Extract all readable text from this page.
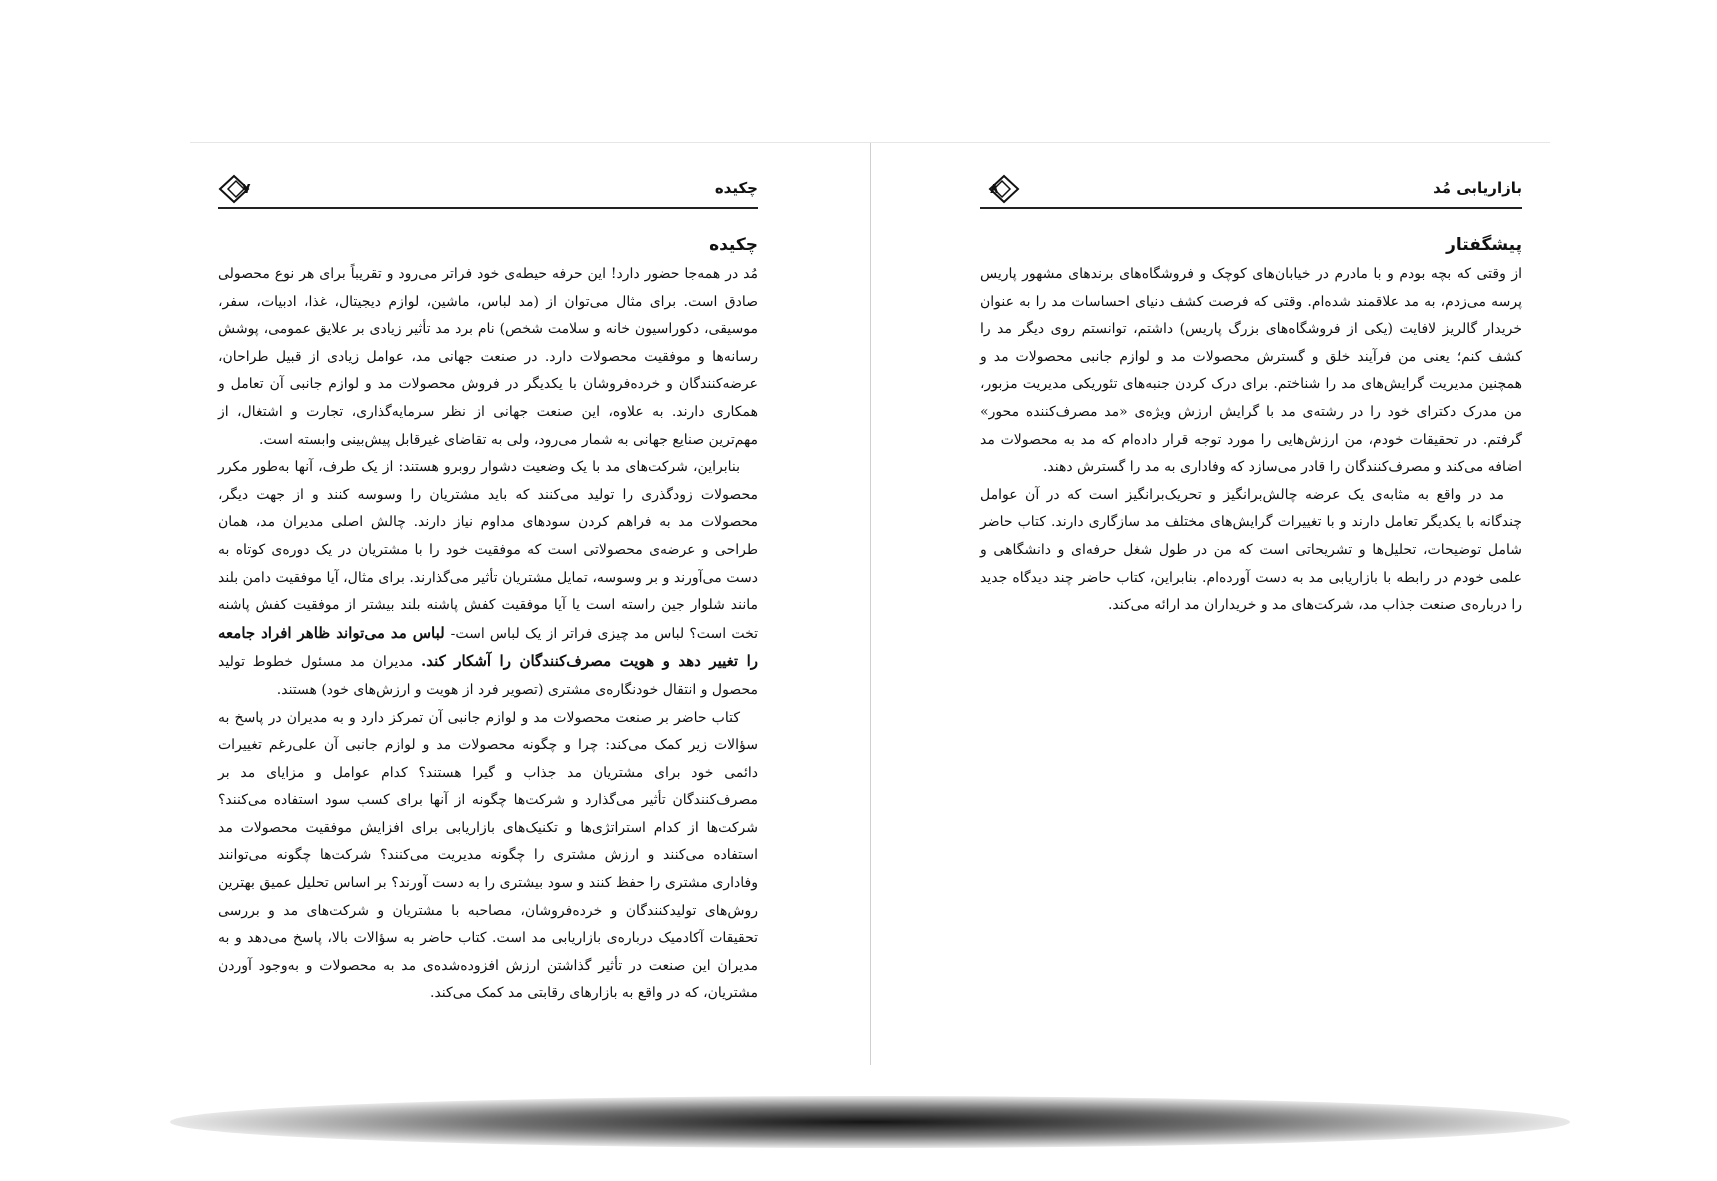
۷	چکیده
چکیده

مُد در همه‌جا حضور دارد! این حرفه حیطه‌ی خود فراتر می‌رود و تقریباً برای هر نوع محصولی صادق است. برای مثال می‌توان از (مد لباس، ماشین، لوازم دیجیتال، غذا، ادبیات، سفر، موسیقی، دکوراسیون خانه و سلامت شخص) نام برد مد تأثیر زیادی بر علایق عمومی، پوشش رسانه‌ها و موفقیت محصولات دارد. در صنعت جهانی مد، عوامل زیادی از قبیل طراحان، عرضه‌کنندگان و خرده‌فروشان با یکدیگر در فروش محصولات مد و لوازم جانبی آن تعامل و همکاری دارند. به علاوه، این صنعت جهانی از نظر سرمایه‌گذاری، تجارت و اشتغال، از مهم‌ترین صنایع جهانی به شمار می‌رود، ولی به تقاضای غیرقابل پیش‌بینی وابسته است.

بنابراین، شرکت‌های مد با یک وضعیت دشوار روبرو هستند: از یک طرف، آنها به‌طور مکرر محصولات زودگذری را تولید می‌کنند که باید مشتریان را وسوسه کنند و از جهت دیگر، محصولات مد به فراهم کردن سودهای مداوم نیاز دارند. چالش اصلی مدیران مد، همان طراحی و عرضه‌ی محصولاتی است که موفقیت خود را با مشتریان در یک دوره‌ی کوتاه به دست می‌آورند و بر وسوسه، تمایل مشتریان تأثیر می‌گذارند. برای مثال، آیا موفقیت دامن بلند مانند شلوار جین راسته است یا آیا موفقیت کفش پاشنه بلند بیشتر از موفقیت کفش پاشنه تخت است؟ لباس مد چیزی فراتر از یک لباس است- لباس مد می‌تواند ظاهر افراد جامعه را تغییر دهد و هویت مصرف‌کنندگان را آشکار کند. مدیران مد مسئول خطوط تولید محصول و انتقال خودنگاره‌ی مشتری (تصویر فرد از هویت و ارزش‌های خود) هستند.

کتاب حاضر بر صنعت محصولات مد و لوازم جانبی آن تمرکز دارد و به مدیران در پاسخ به سؤالات زیر کمک می‌کند: چرا و چگونه محصولات مد و لوازم جانبی آن علی‌رغم تغییرات دائمی خود برای مشتریان مد جذاب و گیرا هستند؟ کدام عوامل و مزایای مد بر مصرف‌کنندگان تأثیر می‌گذارد و شرکت‌ها چگونه از آنها برای کسب سود استفاده می‌کنند؟ شرکت‌ها از کدام استراتژی‌ها و تکنیک‌های بازاریابی برای افزایش موفقیت محصولات مد استفاده می‌کنند و ارزش مشتری را چگونه مدیریت می‌کنند؟ شرکت‌ها چگونه می‌توانند وفاداری مشتری را حفظ کنند و سود بیشتری را به دست آورند؟ بر اساس تحلیل عمیق بهترین روش‌های تولیدکنندگان و خرده‌فروشان، مصاحبه با مشتریان و شرکت‌های مد و بررسی تحقیقات آکادمیک درباره‌ی بازاریابی مد است. کتاب حاضر به سؤالات بالا، پاسخ می‌دهد و به مدیران این صنعت در تأثیر گذاشتن ارزش افزوده‌شده‌ی مد به محصولات و به‌وجود آوردن مشتریان، که در واقع به بازارهای رقابتی مد کمک می‌کند.

۸	بازاریابی مُد
پیشگفتار

از وقتی که بچه بودم و با مادرم در خیابان‌های کوچک و فروشگاه‌های برندهای مشهور پاریس پرسه می‌زدم، به مد علاقمند شده‌ام. وقتی که فرصت کشف دنیای احساسات مد را به عنوان خریدار گالریز لافایت (یکی از فروشگاه‌های بزرگ پاریس) داشتم، توانستم روی دیگر مد را کشف کنم؛ یعنی من فرآیند خلق و گسترش محصولات مد و لوازم جانبی محصولات مد و همچنین مدیریت گرایش‌های مد را شناختم. برای درک کردن جنبه‌های تئوریکی مدیریت مزبور، من مدرک دکترای خود را در رشته‌ی مد با گرایش ارزش ویژه‌ی «مد مصرف‌کننده محور» گرفتم. در تحقیقات خودم، من ارزش‌هایی را مورد توجه قرار داده‌ام که مد به محصولات مد اضافه می‌کند و مصرف‌کنندگان را قادر می‌سازد که وفاداری به مد را گسترش دهند.

مد در واقع به مثابه‌ی یک عرضه چالش‌برانگیز و تحریک‌برانگیز است که در آن عوامل چندگانه با یکدیگر تعامل دارند و با تغییرات گرایش‌های مختلف مد سازگاری دارند. کتاب حاضر شامل توضیحات، تحلیل‌ها و تشریحاتی است که من در طول شغل حرفه‌ای و دانشگاهی و علمی خودم در رابطه با بازاریابی مد به دست آورده‌ام. بنابراین، کتاب حاضر چند دیدگاه جدید را درباره‌ی صنعت جذاب مد، شرکت‌های مد و خریداران مد ارائه می‌کند.
